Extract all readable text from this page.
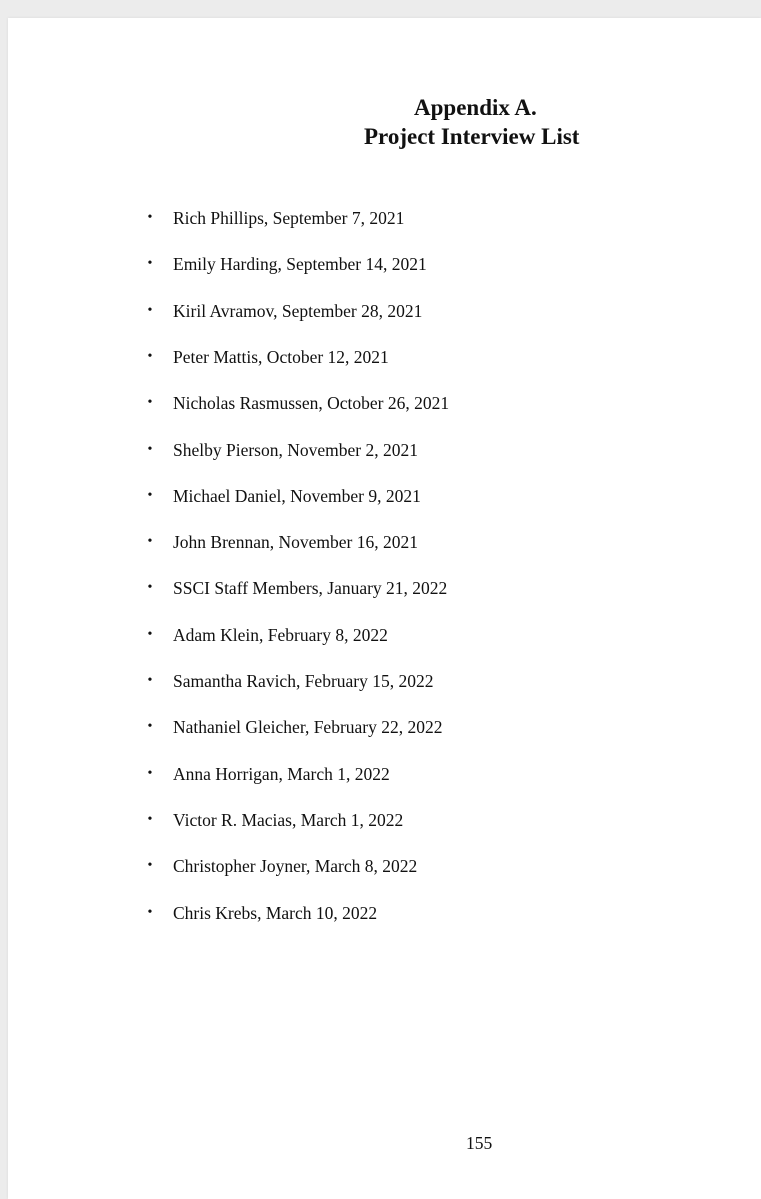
Appendix A.
Project Interview List
• Rich Phillips, September 7, 2021
• Emily Harding, September 14, 2021
• Kiril Avramov, September 28, 2021
• Peter Mattis, October 12, 2021
• Nicholas Rasmussen, October 26, 2021
• Shelby Pierson, November 2, 2021
• Michael Daniel, November 9, 2021
• John Brennan, November 16, 2021
• SSCI Staff Members, January 21, 2022
• Adam Klein, February 8, 2022
• Samantha Ravich, February 15, 2022
• Nathaniel Gleicher, February 22, 2022
• Anna Horrigan, March 1, 2022
• Victor R. Macias, March 1, 2022
• Christopher Joyner, March 8, 2022
• Chris Krebs, March 10, 2022
155
